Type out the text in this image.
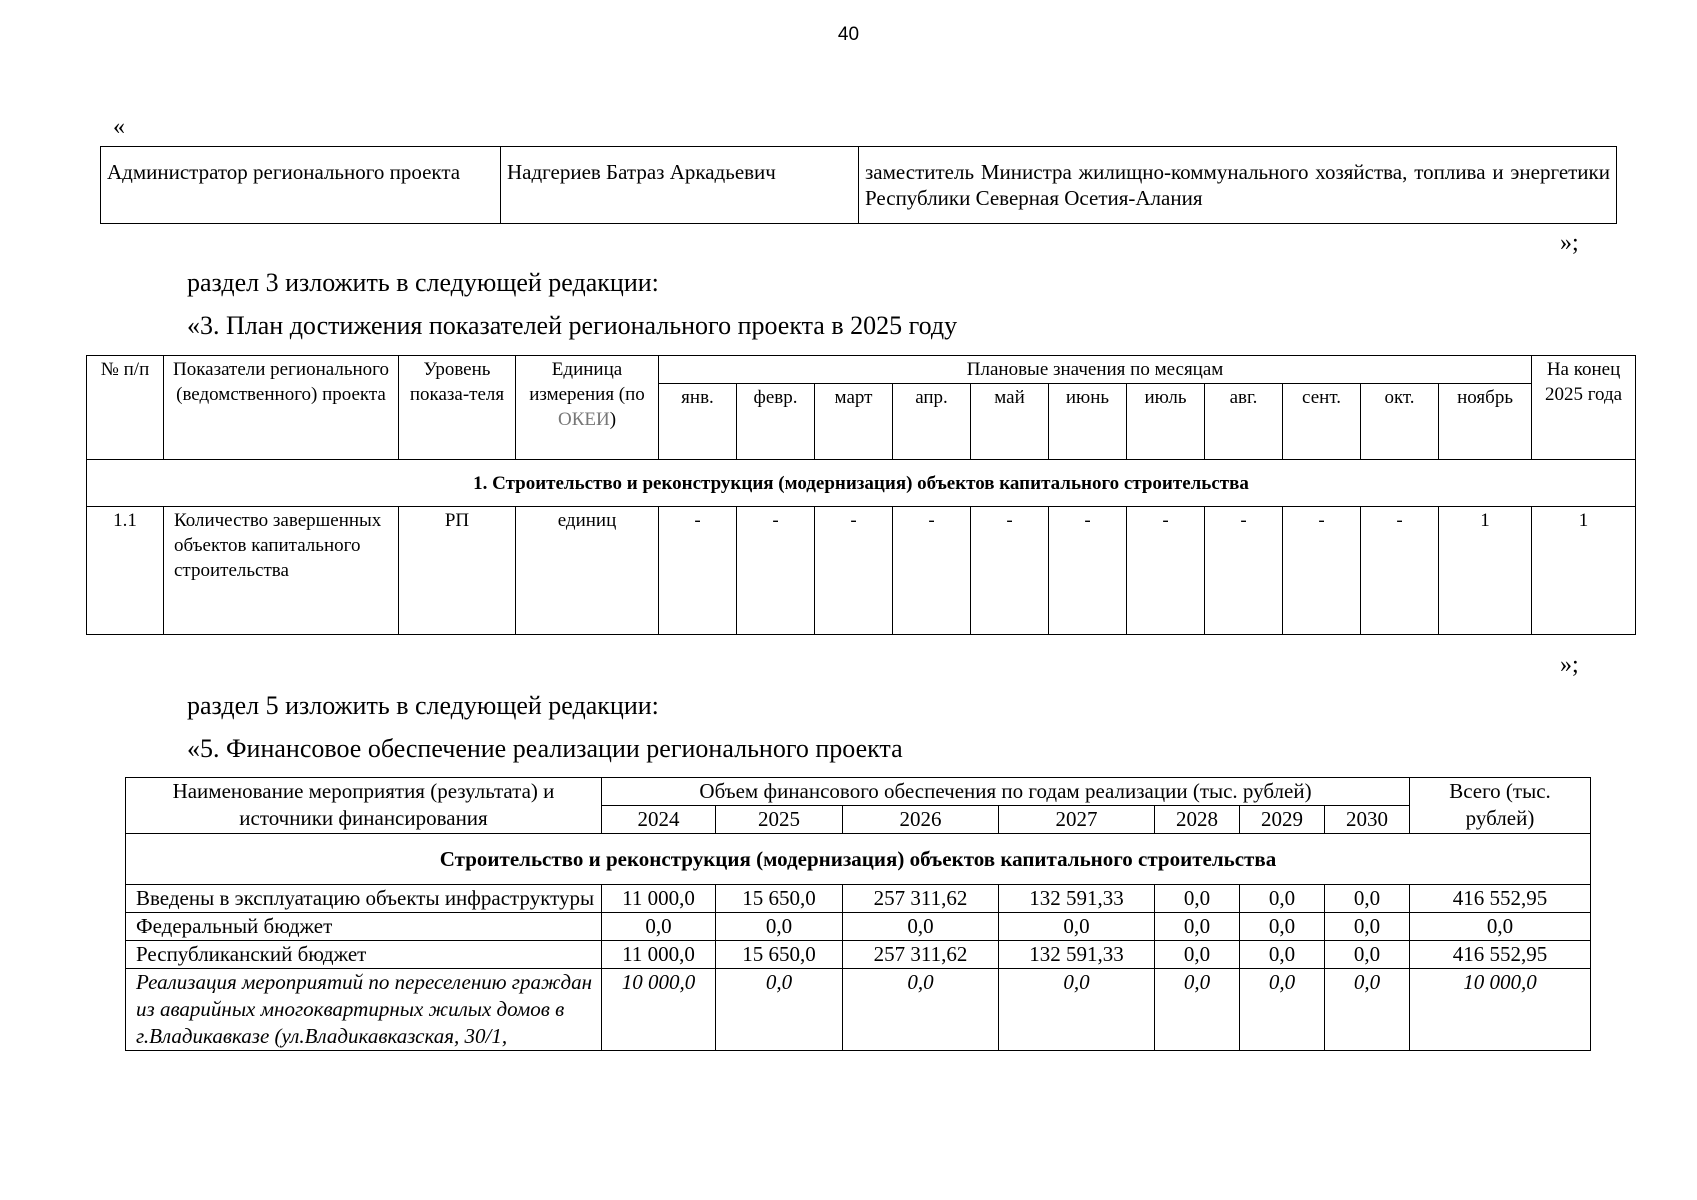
40
«
Администратор регионального проекта	Надгериев Батраз Аркадьевич	заместитель Министра жилищно-коммунального хозяйства, топлива и энергетики Республики Северная Осетия-Алания
»;
раздел 3 изложить в следующей редакции:
«3. План достижения показателей регионального проекта в 2025 году
№ п/п	Показатели регионального (ведомственного) проекта	Уровень показа-теля	Единица измерения (по ОКЕИ)	Плановые значения по месяцам											На конец 2025 года
				янв.	февр.	март	апр.	май	июнь	июль	авг.	сент.	окт.	ноябрь	
1. Строительство и реконструкция (модернизация) объектов капитального строительства															
1.1	Количество завершенных объектов капитального строительства	РП	единиц	-	-	-	-	-	-	-	-	-	-	1	1
»;
раздел 5 изложить в следующей редакции:
«5. Финансовое обеспечение реализации регионального проекта
Наименование мероприятия (результата) и источники финансирования	Объем финансового обеспечения по годам реализации (тыс. рублей)							Всего (тыс. рублей)
	2024	2025	2026	2027	2028	2029	2030	
Строительство и реконструкция (модернизация) объектов капитального строительства								
Введены в эксплуатацию объекты инфраструктуры	11 000,0	15 650,0	257 311,62	132 591,33	0,0	0,0	0,0	416 552,95
Федеральный бюджет	0,0	0,0	0,0	0,0	0,0	0,0	0,0	0,0
Республиканский бюджет	11 000,0	15 650,0	257 311,62	132 591,33	0,0	0,0	0,0	416 552,95
Реализация мероприятий по переселению граждан из аварийных многоквартирных жилых домов в г.Владикавказе (ул.Владикавказская, 30/1,	10 000,0	0,0	0,0	0,0	0,0	0,0	0,0	10 000,0
